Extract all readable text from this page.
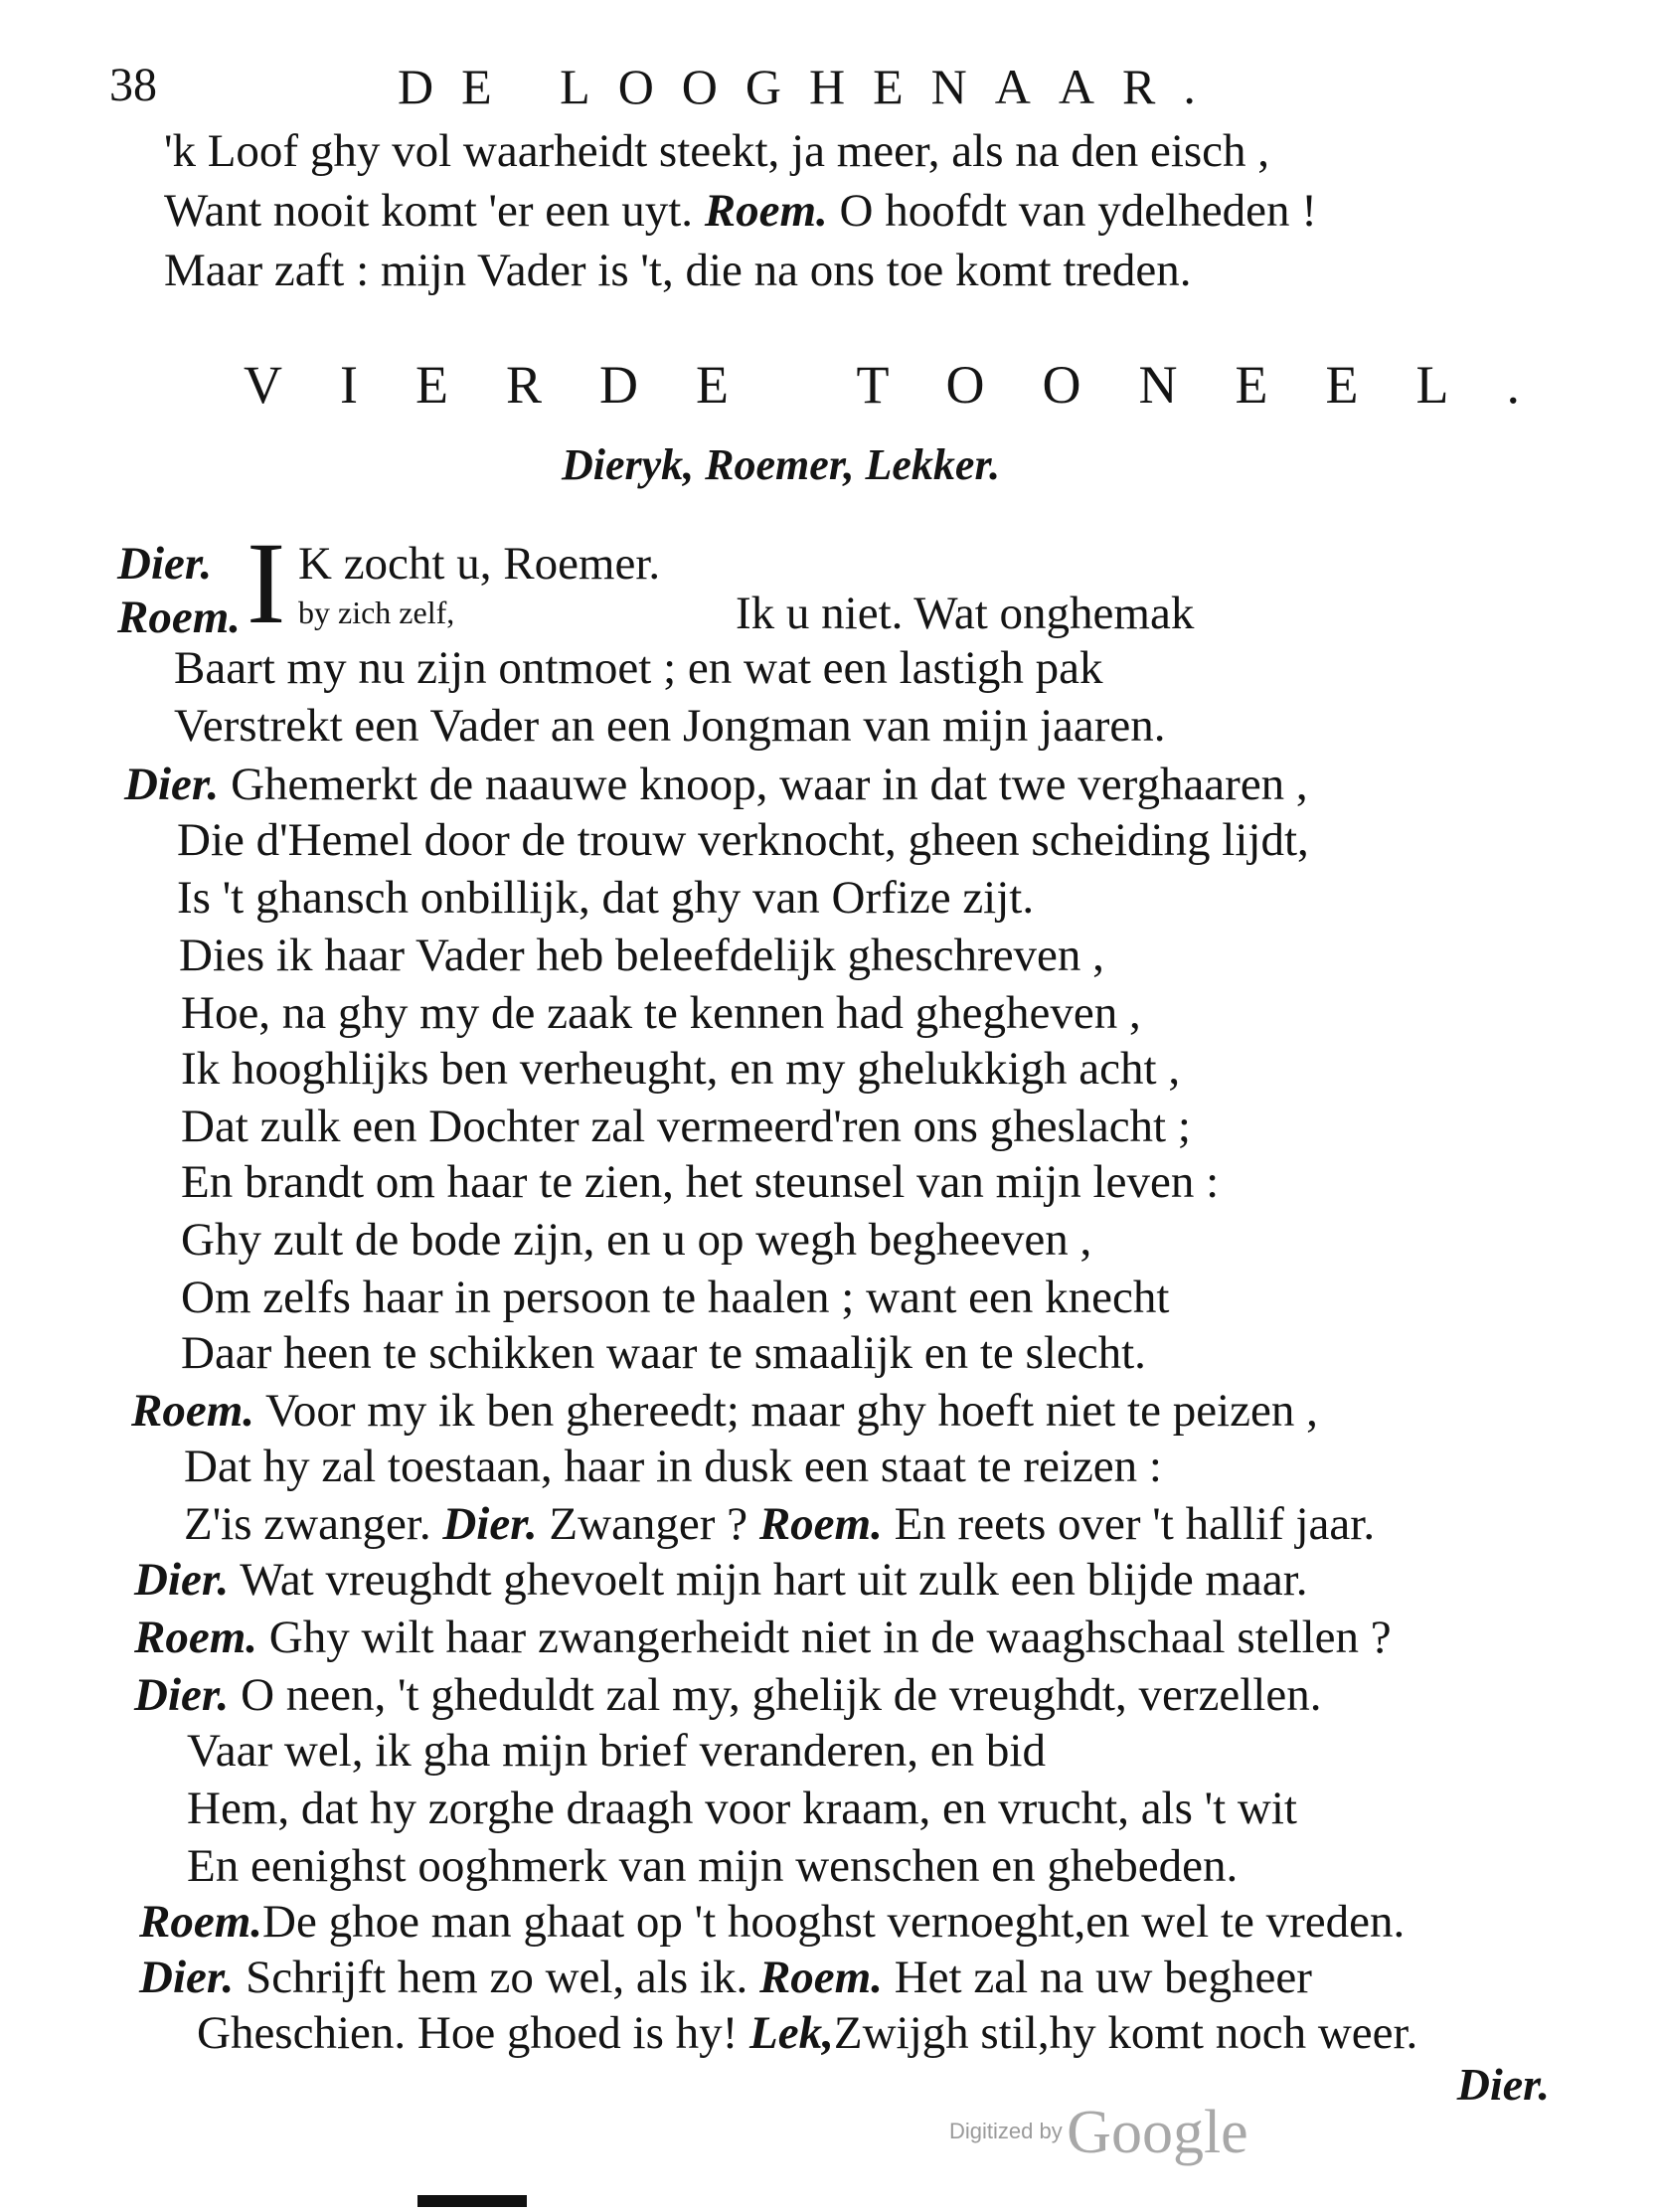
38	DE LOOGHENAAR.
'k Loof ghy vol waarheidt steekt, ja meer, als na den eisch ,
Want nooit komt 'er een uyt. Roem. O hoofdt van ydelheden !
Maar zaft : mijn Vader is 't, die na ons toe komt treden.
VIERDE TOONEEL.
Dieryk, Roemer, Lekker.
I
Dier. K zocht u, Roemer.
Roem. by zich zelf,	Ik u niet. Wat onghemak
Baart my nu zijn ontmoet ; en wat een lastigh pak
Verstrekt een Vader an een Jongman van mijn jaaren.
Dier. Ghemerkt de naauwe knoop, waar in dat twe verghaaren ,
Die d'Hemel door de trouw verknocht, gheen scheiding lijdt,
Is 't ghansch onbillijk, dat ghy van Orfize zijt.
Dies ik haar Vader heb beleefdelijk gheschreven ,
Hoe, na ghy my de zaak te kennen had ghegheven ,
Ik hooghlijks ben verheught, en my ghelukkigh acht ,
Dat zulk een Dochter zal vermeerd'ren ons gheslacht ;
En brandt om haar te zien, het steunsel van mijn leven :
Ghy zult de bode zijn, en u op wegh begheeven ,
Om zelfs haar in persoon te haalen ; want een knecht
Daar heen te schikken waar te smaalijk en te slecht.
Roem. Voor my ik ben ghereedt; maar ghy hoeft niet te peizen ,
Dat hy zal toestaan, haar in dusk een staat te reizen :
Z'is zwanger. Dier. Zwanger ? Roem. En reets over 't hallif jaar.
Dier. Wat vreughdt ghevoelt mijn hart uit zulk een blijde maar.
Roem. Ghy wilt haar zwangerheidt niet in de waaghschaal stellen ?
Dier. O neen, 't gheduldt zal my, ghelijk de vreughdt, verzellen.
Vaar wel, ik gha mijn brief veranderen, en bid
Hem, dat hy zorghe draagh voor kraam, en vrucht, als 't wit
En eenighst ooghmerk van mijn wenschen en ghebeden.
Roem.De ghoe man ghaat op 't hooghst vernoeght,en wel te vreden.
Dier. Schrijft hem zo wel, als ik. Roem. Het zal na uw begheer
Gheschien. Hoe ghoed is hy! Lek,Zwijgh stil,hy komt noch weer.
Dier.
Digitized by Google
